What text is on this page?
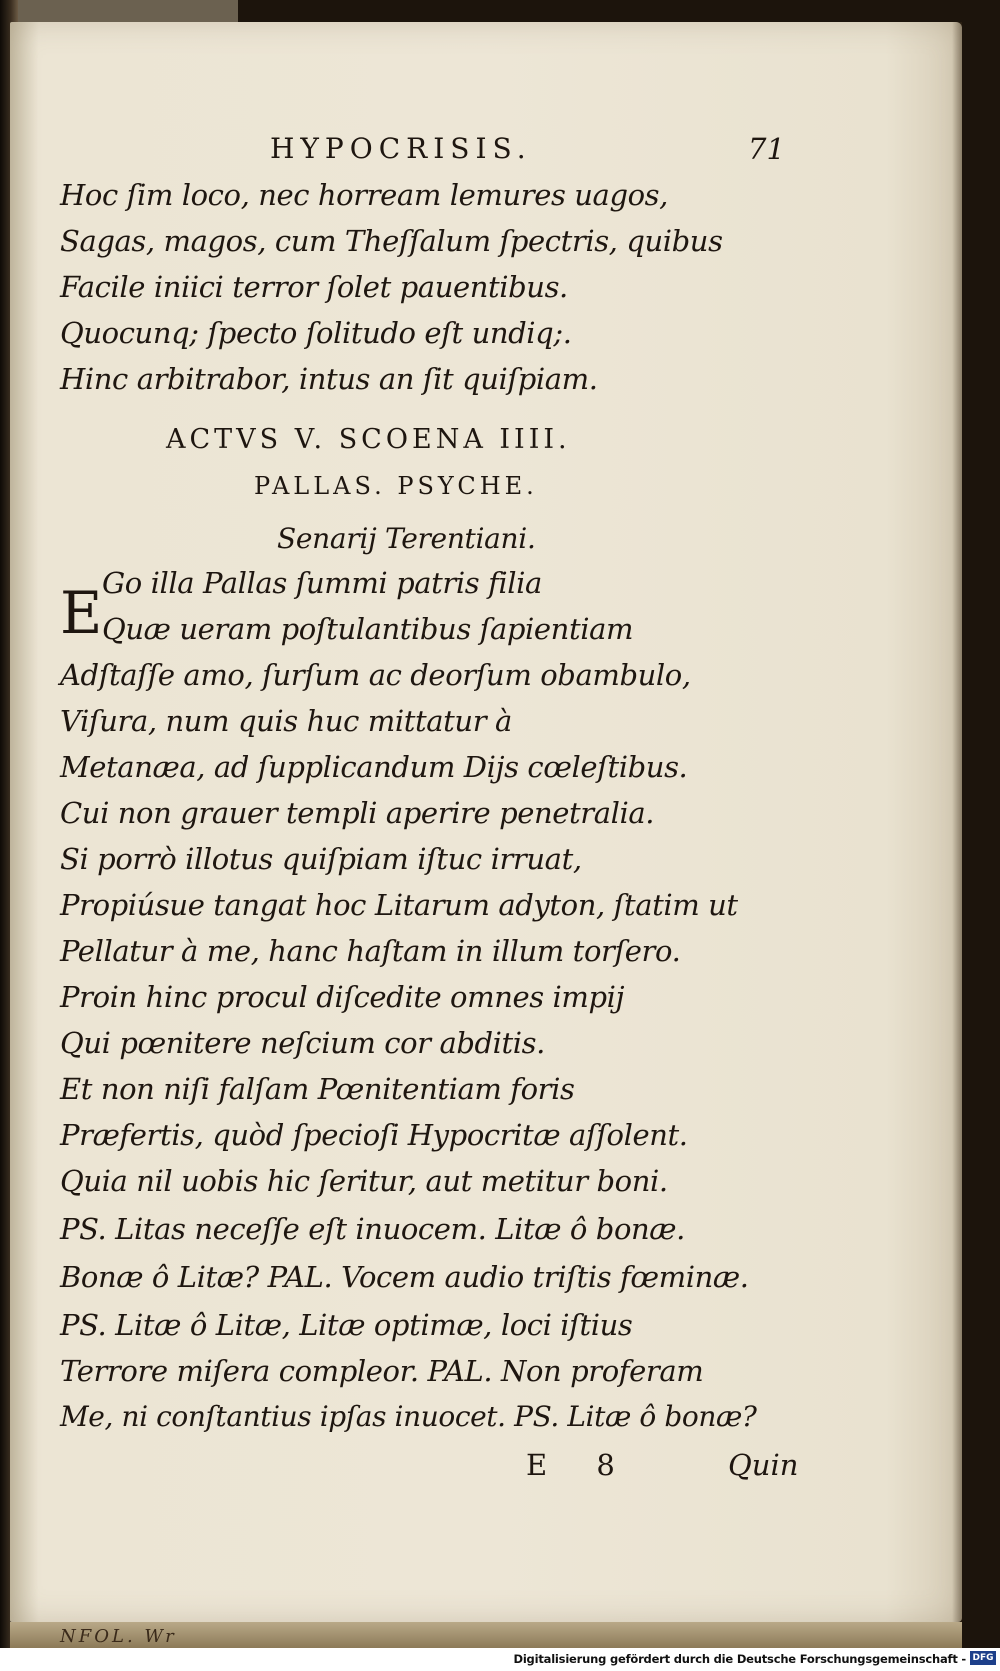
HYPOCRISIS.	71
Hoc ſim loco, nec horream lemures uagos,
Sagas, magos, cum Theſſalum ſpectris, quibus
Facile iniici terror ſolet pauentibus.
Quocunq; ſpecto ſolitudo eſt undiq;.
Hinc arbitrabor, intus an ſit quiſpiam.
ACTVS V. SCOENA IIII.
PALLAS. PSYCHE.
Senarij Terentiani.
E Go illa Pallas ſummi patris filia
Quæ ueram poſtulantibus ſapientiam
Adſtaſſe amo, ſurſum ac deorſum obambulo,
Viſura, num quis huc mittatur à
Metanæa, ad ſupplicandum Dijs cœleſtibus.
Cui non grauer templi aperire penetralia.
Si porrò illotus quiſpiam iſtuc irruat,
Propiúsue tangat hoc Litarum adyton, ſtatim ut
Pellatur à me, hanc haſtam in illum torſero.
Proin hinc procul diſcedite omnes impij
Qui pœnitere neſcium cor abditis.
Et non niſi falſam Pœnitentiam foris
Præfertis, quòd ſpecioſi Hypocritæ aſſolent.
Quia nil uobis hic ſeritur, aut metitur boni.
PS. Litas neceſſe eſt inuocem. Litæ ô bonæ.
Bonæ ô Litæ? PAL. Vocem audio triſtis fœminæ.
PS. Litæ ô Litæ, Litæ optimæ, loci iſtius
Terrore miſera compleor. PAL. Non proferam
Me, ni conſtantius ipſas inuocet. PS. Litæ ô bonæ?
E 8	Quin
NFOL. Wr
Digitalisierung gefördert durch die Deutsche Forschungsgemeinschaft - DFG
